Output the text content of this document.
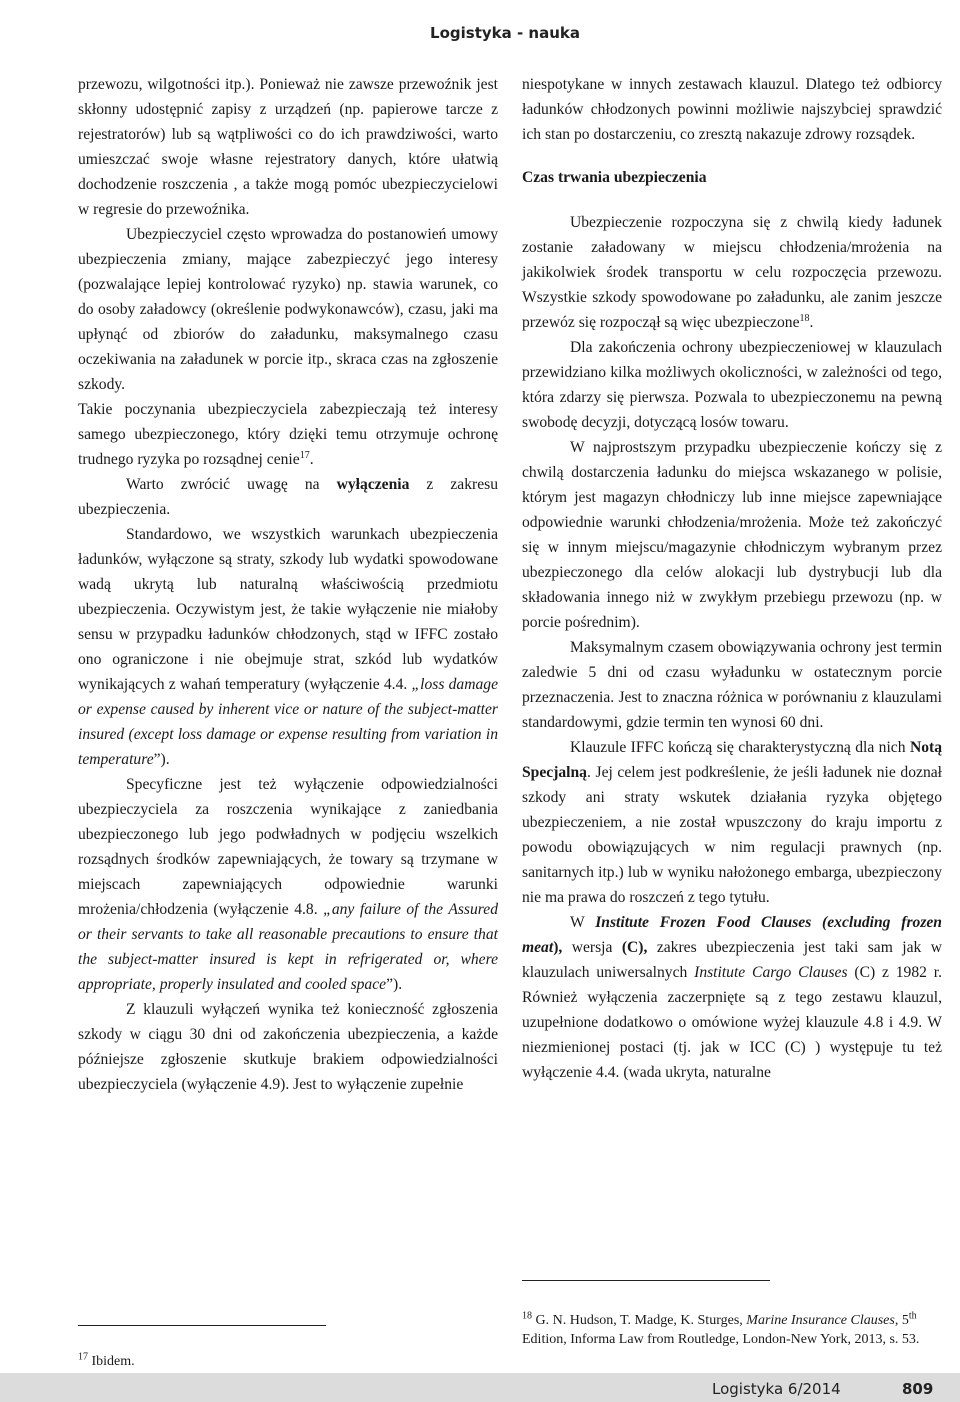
Logistyka - nauka

przewozu, wilgotności itp.). Ponieważ nie zawsze przewoźnik jest skłonny udostępnić zapisy z urządzeń (np. papierowe tarcze z rejestratorów) lub są wątpliwości co do ich prawdziwości, warto umieszczać swoje własne rejestratory danych, które ułatwią dochodzenie roszczenia , a także mogą pomóc ubezpieczycielowi w regresie do przewoźnika.

Ubezpieczyciel często wprowadza do postanowień umowy ubezpieczenia zmiany, mające zabezpieczyć jego interesy (pozwalające lepiej kontrolować ryzyko) np. stawia warunek, co do osoby załadowcy (określenie podwykonawców), czasu, jaki ma upłynąć od zbiorów do załadunku, maksymalnego czasu oczekiwania na załadunek w porcie itp., skraca czas na zgłoszenie szkody.

Takie poczynania ubezpieczyciela zabezpieczają też interesy samego ubezpieczonego, który dzięki temu otrzymuje ochronę trudnego ryzyka po rozsądnej cenie$^{17}$.

Warto zwrócić uwagę na wyłączenia z zakresu ubezpieczenia.

Standardowo, we wszystkich warunkach ubezpieczenia ładunków, wyłączone są straty, szkody lub wydatki spowodowane wadą ukrytą lub naturalną właściwością przedmiotu ubezpieczenia. Oczywistym jest, że takie wyłączenie nie miałoby sensu w przypadku ładunków chłodzonych, stąd w IFFC zostało ono ograniczone i nie obejmuje strat, szkód lub wydatków wynikających z wahań temperatury (wyłączenie 4.4. „loss damage or expense caused by inherent vice or nature of the subject-matter insured (except loss damage or expense resulting from variation in temperature”).

Specyficzne jest też wyłączenie odpowiedzialności ubezpieczyciela za roszczenia wynikające z zaniedbania ubezpieczonego lub jego podwładnych w podjęciu wszelkich rozsądnych środków zapewniających, że towary są trzymane w miejscach zapewniających odpowiednie warunki mrożenia/chłodzenia (wyłączenie 4.8. „any failure of the Assured or their servants to take all reasonable precautions to ensure that the subject-matter insured is kept in refrigerated or, where appropriate, properly insulated and cooled space”).

Z klauzuli wyłączeń wynika też konieczność zgłoszenia szkody w ciągu 30 dni od zakończenia ubezpieczenia, a każde późniejsze zgłoszenie skutkuje brakiem odpowiedzialności ubezpieczyciela (wyłączenie 4.9). Jest to wyłączenie zupełnie

niespotykane w innych zestawach klauzul. Dlatego też odbiorcy ładunków chłodzonych powinni możliwie najszybciej sprawdzić ich stan po dostarczeniu, co zresztą nakazuje zdrowy rozsądek.

Czas trwania ubezpieczenia

Ubezpieczenie rozpoczyna się z chwilą kiedy ładunek zostanie załadowany w miejscu chłodzenia/mrożenia na jakikolwiek środek transportu w celu rozpoczęcia przewozu. Wszystkie szkody spowodowane po załadunku, ale zanim jeszcze przewóz się rozpoczął są więc ubezpieczone$^{18}$.

Dla zakończenia ochrony ubezpieczeniowej w klauzulach przewidziano kilka możliwych okoliczności, w zależności od tego, która zdarzy się pierwsza. Pozwala to ubezpieczonemu na pewną swobodę decyzji, dotyczącą losów towaru.

W najprostszym przypadku ubezpieczenie kończy się z chwilą dostarczenia ładunku do miejsca wskazanego w polisie, którym jest magazyn chłodniczy lub inne miejsce zapewniające odpowiednie warunki chłodzenia/mrożenia. Może też zakończyć się w innym miejscu/magazynie chłodniczym wybranym przez ubezpieczonego dla celów alokacji lub dystrybucji lub dla składowania innego niż w zwykłym przebiegu przewozu (np. w porcie pośrednim).

Maksymalnym czasem obowiązywania ochrony jest termin zaledwie 5 dni od czasu wyładunku w ostatecznym porcie przeznaczenia. Jest to znaczna różnica w porównaniu z klauzulami standardowymi, gdzie termin ten wynosi 60 dni.

Klauzule IFFC kończą się charakterystyczną dla nich Notą Specjalną. Jej celem jest podkreślenie, że jeśli ładunek nie doznał szkody ani straty wskutek działania ryzyka objętego ubezpieczeniem, a nie został wpuszczony do kraju importu z powodu obowiązujących w nim regulacji prawnych (np. sanitarnych itp.) lub w wyniku nałożonego embarga, ubezpieczony nie ma prawa do roszczeń z tego tytułu.

W Institute Frozen Food Clauses (excluding frozen meat), wersja (C), zakres ubezpieczenia jest taki sam jak w klauzulach uniwersalnych Institute Cargo Clauses (C) z 1982 r. Również wyłączenia zaczerpnięte są z tego zestawu klauzul, uzupełnione dodatkowo o omówione wyżej klauzule 4.8 i 4.9. W niezmienionej postaci (tj. jak w ICC (C) ) występuje tu też wyłączenie 4.4. (wada ukryta, naturalne

$^{17}$ Ibidem.
$^{18}$ G. N. Hudson, T. Madge, K. Sturges, Marine Insurance Clauses, 5th Edition, Informa Law from Routledge, London-New York, 2013, s. 53.
Logistyka 6/2014	809
